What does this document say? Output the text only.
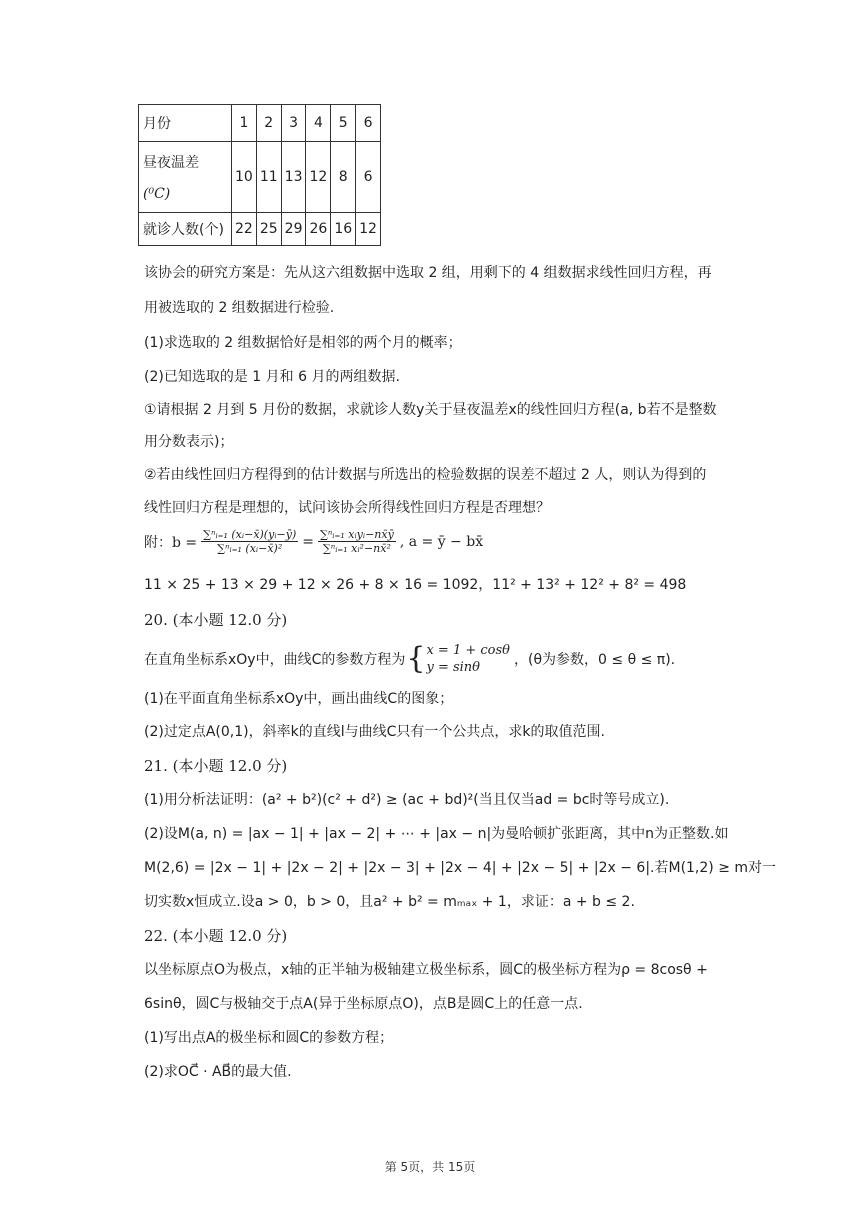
月份	1	2	3	4	5	6

昼夜温差
(⁰C)	10	11	13	12	8	6
就诊人数(个)	22	25	29	26	16	12
该协会的研究方案是：先从这六组数据中选取 2 组，用剩下的 4 组数据求线性回归方程，再
用被选取的 2 组数据进行检验.
(1)求选取的 2 组数据恰好是相邻的两个月的概率；
(2)已知选取的是 1 月和 6 月的两组数据.
①请根据 2 月到 5 月份的数据，求就诊人数y关于昼夜温差x的线性回归方程(a, b若不是整数
用分数表示)；
②若由线性回归方程得到的估计数据与所选出的检验数据的误差不超过 2 人，则认为得到的
线性回归方程是理想的，试问该协会所得线性回归方程是否理想？
附：$b = \frac{\text{∑ⁿᵢ₌₁ (xᵢ−x̄)(yᵢ−ȳ)}}{\text{∑ⁿᵢ₌₁ (xᵢ−x̄)²}} = \frac{\text{∑ⁿᵢ₌₁ xᵢyᵢ−nx̄ȳ}}{\text{∑ⁿᵢ₌₁ xᵢ²−nx̄²}}$ , a = ȳ − bx̄
11 × 25 + 13 × 29 + 12 × 26 + 8 × 16 = 1092，11² + 13² + 12² + 8² = 498
20. (本小题 12.0 分)
在直角坐标系xOy中，曲线C的参数方程为 { x = 1 + cosθ
y = sinθ	，(θ为参数，0 ≤ θ ≤ π).
(1)在平面直角坐标系xOy中，画出曲线C的图象；
(2)过定点A(0,1)，斜率k的直线l与曲线C只有一个公共点，求k的取值范围.
21. (本小题 12.0 分)
(1)用分析法证明：(a² + b²)(c² + d²) ≥ (ac + bd)²(当且仅当ad = bc时等号成立).
(2)设M(a, n) = |ax − 1| + |ax − 2| + ⋯ + |ax − n|为曼哈顿扩张距离，其中n为正整数.如
M(2,6) = |2x − 1| + |2x − 2| + |2x − 3| + |2x − 4| + |2x − 5| + |2x − 6|.若M(1,2) ≥ m对一
切实数x恒成立.设a > 0，b > 0，且a² + b² = mₘₐₓ + 1，求证：a + b ≤ 2.
22. (本小题 12.0 分)
以坐标原点O为极点，x轴的正半轴为极轴建立极坐标系，圆C的极坐标方程为ρ = 8cosθ +
6sinθ，圆C与极轴交于点A(异于坐标原点O)，点B是圆C上的任意一点.
(1)写出点A的极坐标和圆C的参数方程；
(2)求OC⃗ · AB⃗的最大值.
第 5页，共 15页
